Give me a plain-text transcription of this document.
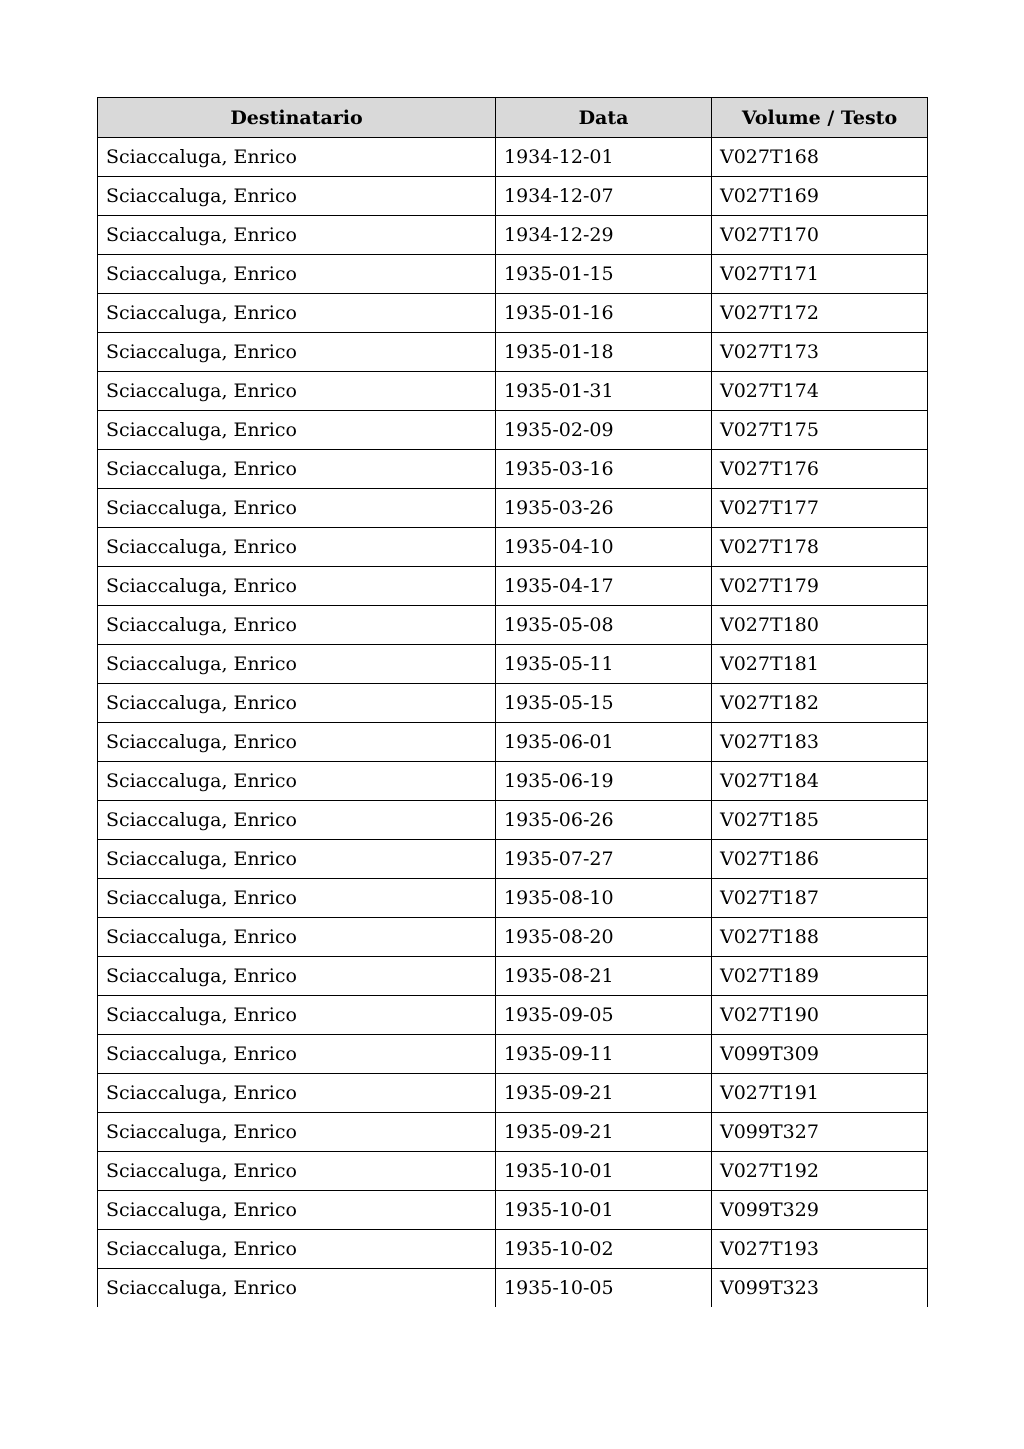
Destinatario	Data	Volume / Testo
Sciaccaluga, Enrico	1934-12-01	V027T168
Sciaccaluga, Enrico	1934-12-07	V027T169
Sciaccaluga, Enrico	1934-12-29	V027T170
Sciaccaluga, Enrico	1935-01-15	V027T171
Sciaccaluga, Enrico	1935-01-16	V027T172
Sciaccaluga, Enrico	1935-01-18	V027T173
Sciaccaluga, Enrico	1935-01-31	V027T174
Sciaccaluga, Enrico	1935-02-09	V027T175
Sciaccaluga, Enrico	1935-03-16	V027T176
Sciaccaluga, Enrico	1935-03-26	V027T177
Sciaccaluga, Enrico	1935-04-10	V027T178
Sciaccaluga, Enrico	1935-04-17	V027T179
Sciaccaluga, Enrico	1935-05-08	V027T180
Sciaccaluga, Enrico	1935-05-11	V027T181
Sciaccaluga, Enrico	1935-05-15	V027T182
Sciaccaluga, Enrico	1935-06-01	V027T183
Sciaccaluga, Enrico	1935-06-19	V027T184
Sciaccaluga, Enrico	1935-06-26	V027T185
Sciaccaluga, Enrico	1935-07-27	V027T186
Sciaccaluga, Enrico	1935-08-10	V027T187
Sciaccaluga, Enrico	1935-08-20	V027T188
Sciaccaluga, Enrico	1935-08-21	V027T189
Sciaccaluga, Enrico	1935-09-05	V027T190
Sciaccaluga, Enrico	1935-09-11	V099T309
Sciaccaluga, Enrico	1935-09-21	V027T191
Sciaccaluga, Enrico	1935-09-21	V099T327
Sciaccaluga, Enrico	1935-10-01	V027T192
Sciaccaluga, Enrico	1935-10-01	V099T329
Sciaccaluga, Enrico	1935-10-02	V027T193
Sciaccaluga, Enrico	1935-10-05	V099T323
